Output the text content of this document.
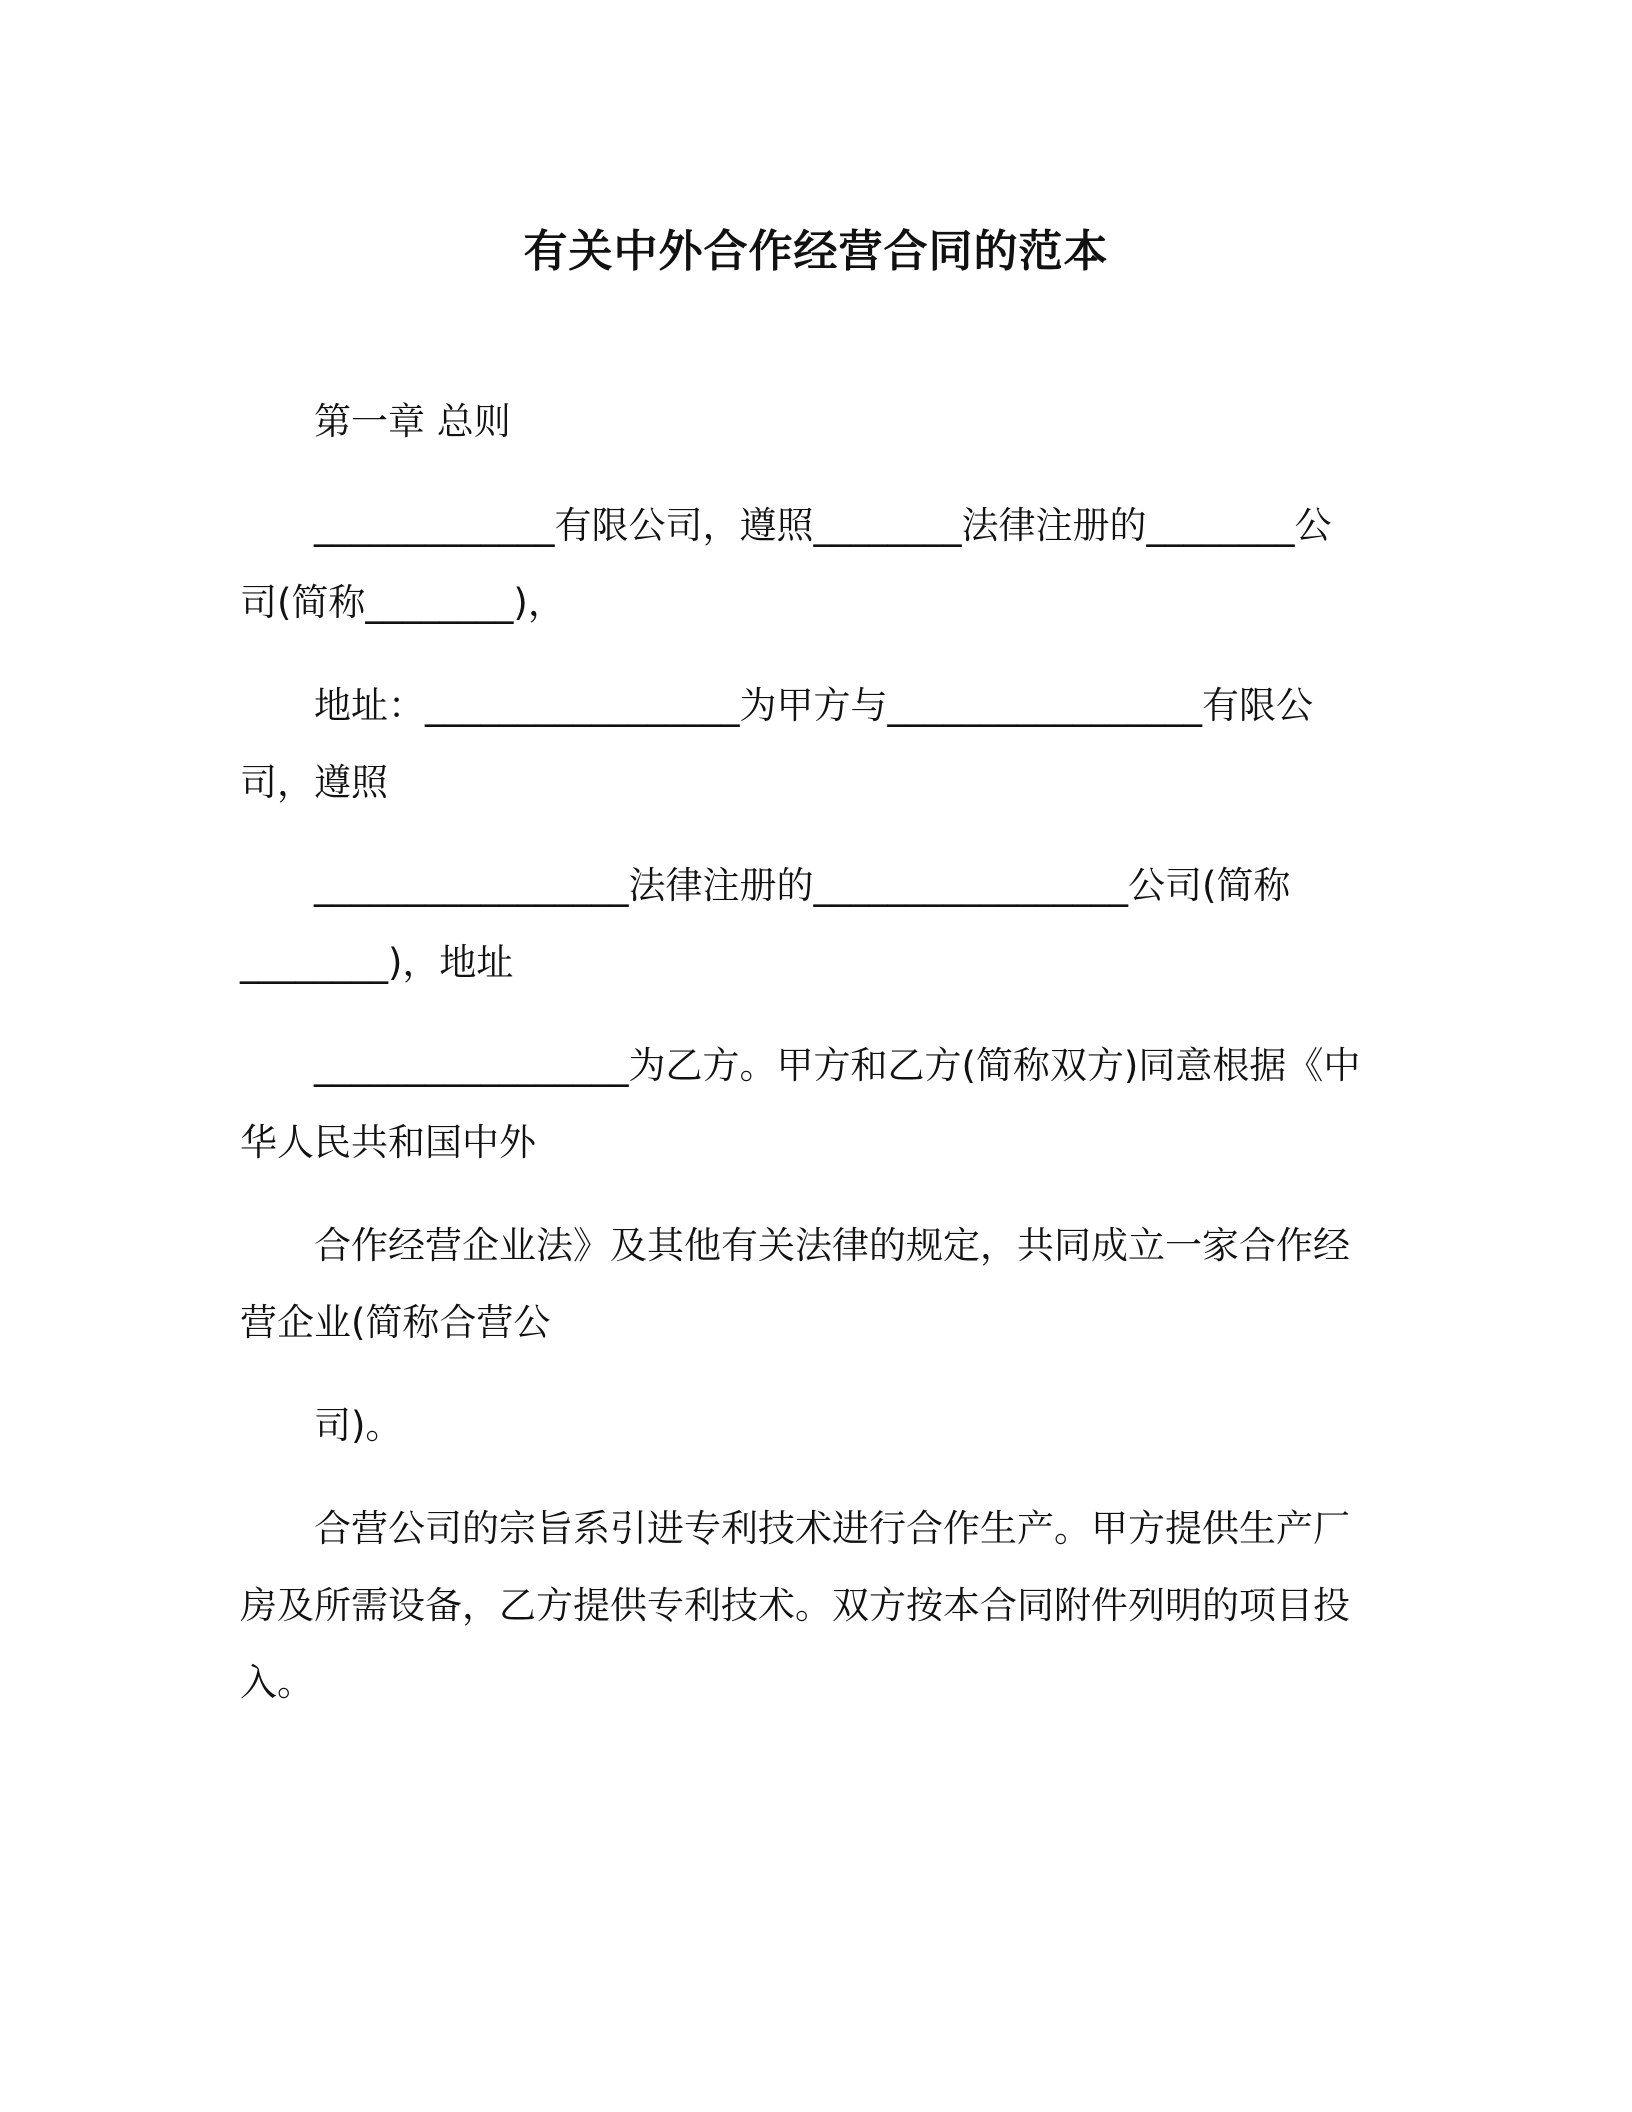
有关中外合作经营合同的范本
第一章 总则
_____________有限公司，遵照________法律注册的________公
司(简称________)，
地址：_________________为甲方与_________________有限公
司，遵照
_________________法律注册的_________________公司(简称
________)，地址
_________________为乙方。甲方和乙方(简称双方)同意根据《中
华人民共和国中外
合作经营企业法》及其他有关法律的规定，共同成立一家合作经
营企业(简称合营公
司)。
合营公司的宗旨系引进专利技术进行合作生产。甲方提供生产厂
房及所需设备，乙方提供专利技术。双方按本合同附件列明的项目投
入。
